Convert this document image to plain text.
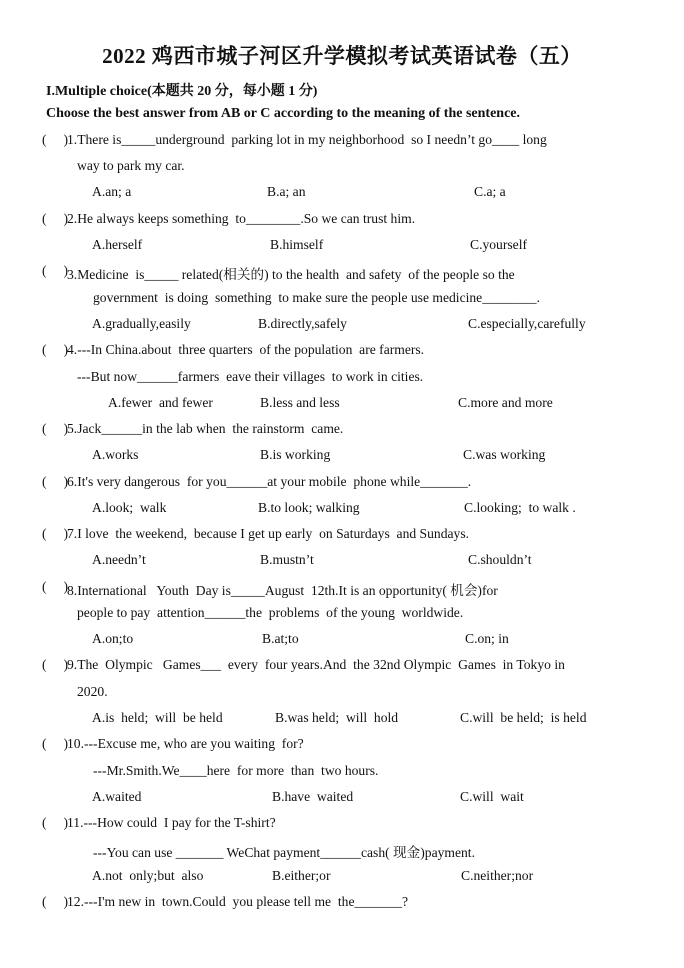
2022 鸡西市城子河区升学模拟考试英语试卷（五）
I.Multiple choice(本题共 20 分，每小题 1 分)
Choose the best answer from AB or C according to the meaning of the sentence.
(     )
1.There is_____underground  parking lot in my neighborhood  so I needn’t go____ long
way to park my car.
A.an; a	B.a; an	C.a; a
(     )
2.He always keeps something  to________.So we can trust him.
A.herself	B.himself	C.yourself
(     )
3.Medicine  is_____ related(相关的) to the health  and safety  of the people so the
government  is doing  something  to make sure the people use medicine________.
A.gradually,easily	B.directly,safely	C.especially,carefully
(     )
4.---In China.about  three quarters  of the population  are farmers.
---But now______farmers  eave their villages  to work in cities.
A.fewer  and fewer	B.less and less	C.more and more
(     )
5.Jack______in the lab when  the rainstorm  came.
A.works	B.is working	C.was working
(     )
6.It's very dangerous  for you______at your mobile  phone while_______.
A.look;  walk	B.to look; walking	C.looking;  to walk .
(     )
7.I love  the weekend,  because I get up early  on Saturdays  and Sundays.
A.needn’t	B.mustn’t	C.shouldn’t
(     )
8.International   Youth  Day is_____August  12th.It is an opportunity( 机会)for
people to pay  attention______the  problems  of the young  worldwide.
A.on;to	B.at;to	C.on; in
(     )
9.The  Olympic   Games___  every  four years.And  the 32nd Olympic  Games  in Tokyo in
2020.
A.is  held;  will  be held	B.was held;  will  hold	C.will  be held;  is held
(     )
10.---Excuse me, who are you waiting  for?
---Mr.Smith.We____here  for more  than  two hours.
A.waited	B.have  waited	C.will  wait
(     )
11.---How could  I pay for the T-shirt?
---You can use _______ WeChat payment______cash( 现金)payment.
A.not  only;but  also	B.either;or	C.neither;nor
(     )
12.---I'm new in  town.Could  you please tell me  the_______?
